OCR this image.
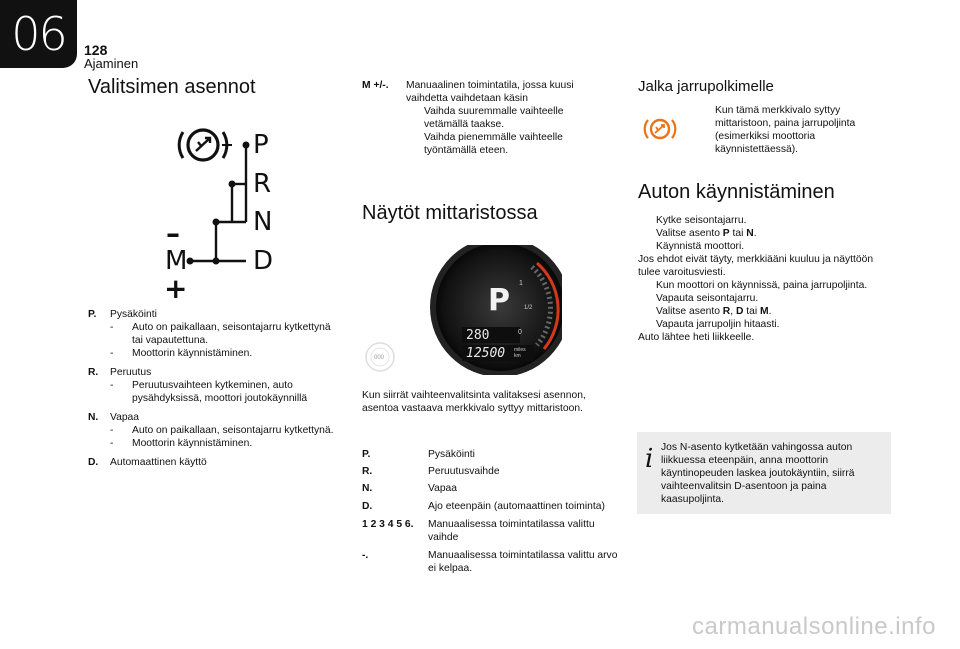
06	128
Ajaminen
Valitsimen asennot
P
R
N
D
M
–
+
P.	Pysäköinti
-	Auto on paikallaan, seisontajarru kytkettynä tai vapautettuna.
-	Moottorin käynnistäminen.
R.	Peruutus
-	Peruutusvaihteen kytkeminen, auto pysähdyksissä, moottori joutokäynnillä
N.	Vapaa
-	Auto on paikallaan, seisontajarru kytkettynä.
-	Moottorin käynnistäminen.
D.	Automaattinen käyttö
M +/-.	Manuaalinen toimintatila, jossa kuusi vaihdetta vaihdetaan käsin
Vaihda suuremmalle vaihteelle vetämällä taakse.
Vaihda pienemmälle vaihteelle työntämällä eteen.
Näytöt mittaristossa
000
P
280
12500 miles km
1
1/2
0
Kun siirrät vaihteenvalitsinta valitaksesi asennon, asentoa vastaava merkkivalo syttyy mittaristoon.
P.	Pysäköinti
R.	Peruutusvaihde
N.	Vapaa
D.	Ajo eteenpäin (automaattinen toiminta)
1 2 3 4 5 6.	Manuaalisessa toimintatilassa valittu vaihde
-.	Manuaalisessa toimintatilassa valittu arvo ei kelpaa.
Jalka jarrupolkimelle
Kun tämä merkkivalo syttyy mittaristoon, paina jarrupoljinta (esimerkiksi moottoria käynnistettäessä).
Auton käynnistäminen
Kytke seisontajarru.
Valitse asento P tai N.
Käynnistä moottori.
Jos ehdot eivät täyty, merkkiääni kuuluu ja näyttöön tulee varoitusviesti.
Kun moottori on käynnissä, paina jarrupoljinta.
Vapauta seisontajarru.
Valitse asento R, D tai M.
Vapauta jarrupoljin hitaasti.
Auto lähtee heti liikkeelle.
i Jos N-asento kytketään vahingossa auton liikkuessa eteenpäin, anna moottorin käyntinopeuden laskea joutokäyntiin, siirrä vaihteenvalitsin D-asentoon ja paina kaasupoljinta.
carmanualsonline.info
